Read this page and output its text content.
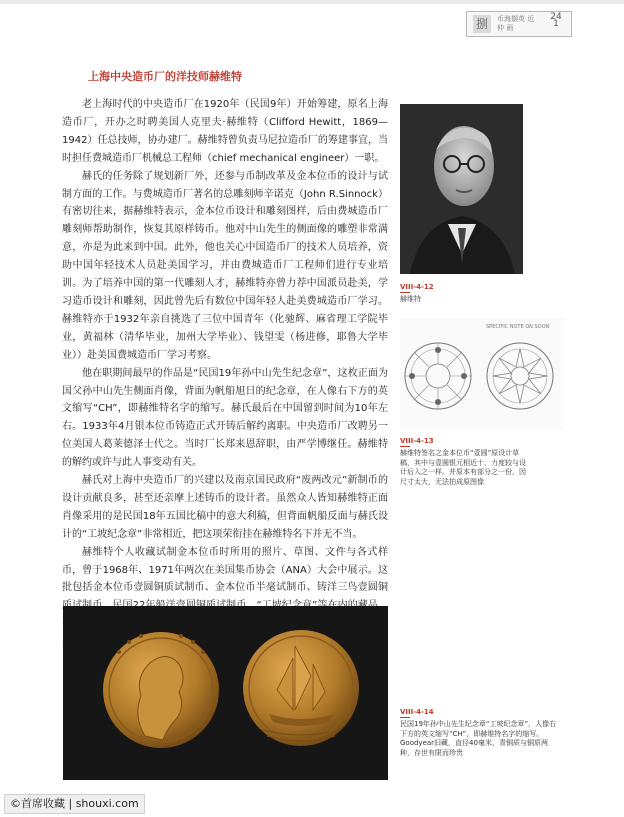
捌	币海撷英 近 仲 画
241
上海中央造币厂的洋技师赫维特

老上海时代的中央造币厂在1920年（民国9年）开始筹建，原名上海造币厂，开办之时聘美国人克里夫·赫维特（Clifford Hewitt，1869—1942）任总技师，协办建厂。赫维特曾负责马尼拉造币厂的筹建事宜，当时担任费城造币厂机械总工程师（chief mechanical engineer）一职。

赫氏的任务除了规划新厂外，还参与币制改革及金本位币的设计与试制方面的工作。与费城造币厂著名的总雕刻师辛诺克（John R.Sinnock）有密切往来，据赫维特表示，金本位币设计和雕刻图样，后由费城造币厂雕刻师帮助制作，恢复其原样铸币。他对中山先生的侧面像的雕塑非常满意，亦是为此来到中国。此外，他也关心中国造币厂的技术人员培养，资助中国年轻技术人员赴美国学习，并由费城造币厂工程师们进行专业培训。为了培养中国的第一代雕刻人才，赫维特亦曾力荐中国派员赴美，学习造币设计和雕刻，因此曾先后有数位中国年轻人赴美费城造币厂学习。赫维特亦于1932年亲自挑选了三位中国青年（化驰辉、麻省理工学院毕业，黄福林（清华毕业，加州大学毕业）、钱望雯（杨进修，耶鲁大学毕业））赴美国费城造币厂学习考察。

他在职期间最早的作品是“民国19年孙中山先生纪念章”，这枚正面为国父孙中山先生侧面肖像，背面为帆船旭日的纪念章，在人像右下方的英文缩写“CH”，即赫维特名字的缩写。赫氏最后在中国留到时间为10年左右。1933年4月银本位币铸造正式开铸后解约离职。中央造币厂改聘另一位美国人葛莱德泽士代之。当时厂长郑来恩辞职，由严学博继任。赫维特的解约或许与此人事变动有关。

赫氏对上海中央造币厂的兴建以及南京国民政府“废两改元”新制币的设计贡献良多，甚至还亲摩上述铸币的设计者。虽然众人皆知赫维特正面肖像采用的是民国18年五国比稿中的意大利稿，但背面帆船反面与赫氏设计的“工坡纪念章”非常相近，把这项荣衔挂在赫维特名下并无不当。

赫维特个人收藏试制金本位币时所用的照片、草图、文件与各式样币，曾于1968年、1971年两次在美国集币协会（ANA）大会中展示。这批包括金本位币壹圆铜质试制币、金本位币半毫试制币、铸洋三鸟壹圆铜

VIII-4-12

赫维特

SPECIFIC NOTE ON SOON

VIII-4-13

赫维特签名之金本位币“壹圆”原设计草稿，其中与壹圆银元相近十，力度较与设计后入之一样。并原本有部分之一份，因尺寸太大，无法拍成原图像

VIII-4-14

民国19年孙中山先生纪念章“工坡纪念章”，人像右下方的英文缩写“CH”，即赫维特名字的缩写。Goodyear旧藏，直径40毫米，青铜质与铜质两种，存世有限而珍贵

©首席收藏 | shouxi.com
